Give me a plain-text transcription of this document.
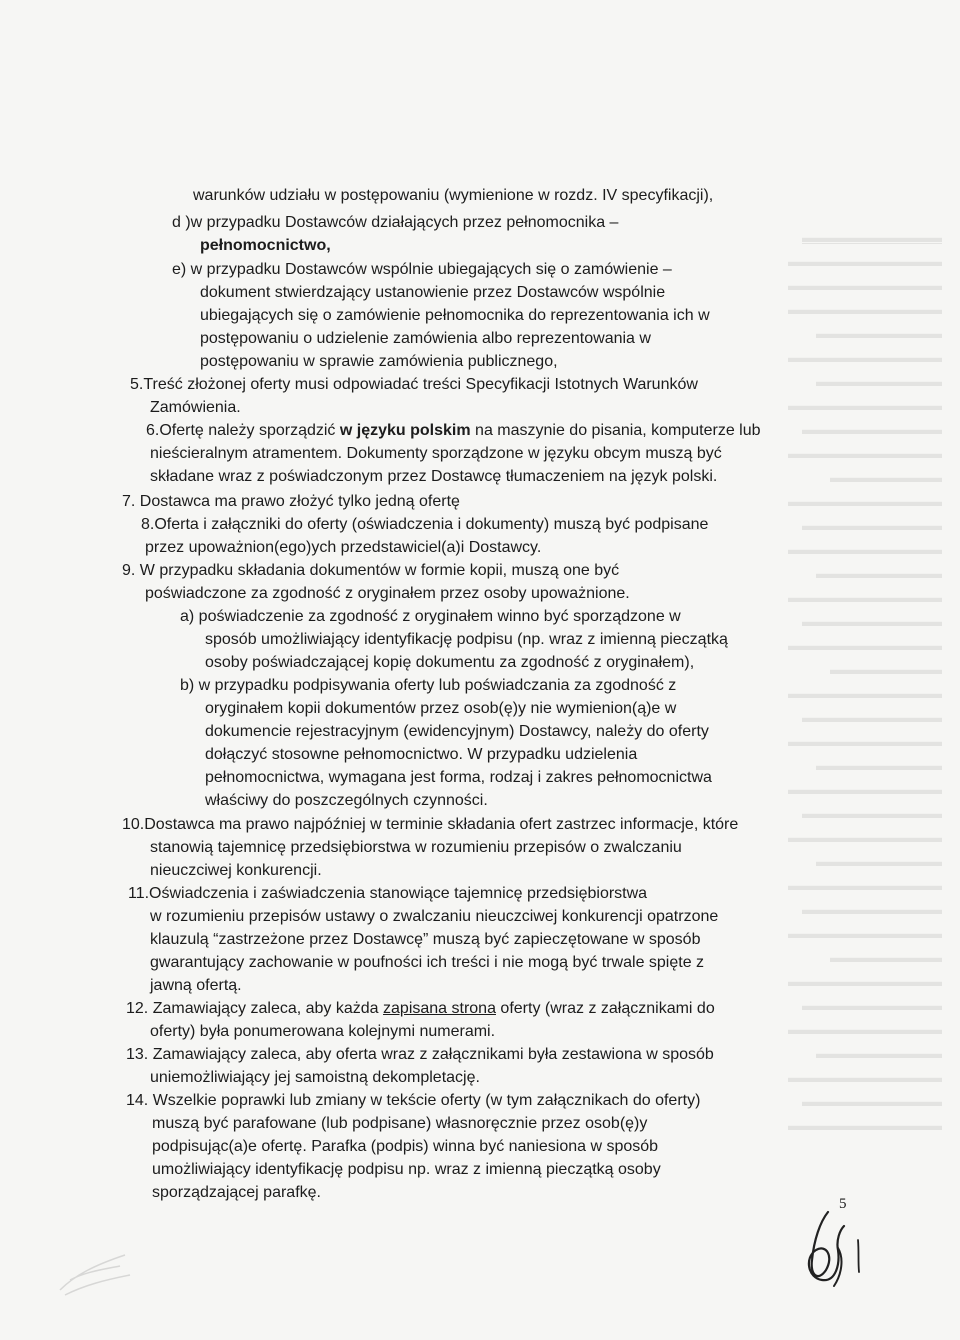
▬▬▬▬▬▬▬▬▬▬
▬▬▬▬▬▬▬▬▬▬▬
▬▬▬▬▬▬▬▬▬▬▬
▬▬▬▬▬▬▬▬▬▬▬
▬▬▬▬▬▬▬▬▬
▬▬▬▬▬▬▬▬▬▬▬
▬▬▬▬▬▬▬▬▬
▬▬▬▬▬▬▬▬▬▬▬
▬▬▬▬▬▬▬▬▬▬
▬▬▬▬▬▬▬▬▬▬▬
▬▬▬▬▬▬▬▬
▬▬▬▬▬▬▬▬▬▬▬
▬▬▬▬▬▬▬▬▬▬
▬▬▬▬▬▬▬▬▬▬▬
▬▬▬▬▬▬▬▬▬
▬▬▬▬▬▬▬▬▬▬▬
▬▬▬▬▬▬▬▬▬▬
▬▬▬▬▬▬▬▬▬▬▬
▬▬▬▬▬▬▬▬
▬▬▬▬▬▬▬▬▬▬▬
▬▬▬▬▬▬▬▬▬▬
▬▬▬▬▬▬▬▬▬▬▬
▬▬▬▬▬▬▬▬▬
▬▬▬▬▬▬▬▬▬▬▬
▬▬▬▬▬▬▬▬▬▬
▬▬▬▬▬▬▬▬▬▬▬
▬▬▬▬▬▬▬▬▬
▬▬▬▬▬▬▬▬▬▬▬
▬▬▬▬▬▬▬▬▬▬
▬▬▬▬▬▬▬▬▬▬▬
▬▬▬▬▬▬▬▬
▬▬▬▬▬▬▬▬▬▬▬
▬▬▬▬▬▬▬▬▬▬
▬▬▬▬▬▬▬▬▬▬▬
▬▬▬▬▬▬▬▬▬
▬▬▬▬▬▬▬▬▬▬▬
▬▬▬▬▬▬▬▬▬▬
▬▬▬▬▬▬▬▬▬▬▬
warunków udziału w postępowaniu (wymienione w rozdz. IV specyfikacji),
d )w przypadku Dostawców działających przez pełnomocnika –
pełnomocnictwo,
e) w przypadku Dostawców wspólnie ubiegających się o zamówienie –
dokument stwierdzający ustanowienie przez Dostawców wspólnie
ubiegających się o zamówienie pełnomocnika do reprezentowania ich w
postępowaniu o udzielenie zamówienia albo reprezentowania w
postępowaniu w sprawie zamówienia publicznego,
5.Treść złożonej oferty musi odpowiadać treści Specyfikacji Istotnych Warunków
Zamówienia.
6.Ofertę należy sporządzić w języku polskim na maszynie do pisania, komputerze lub
nieścieralnym atramentem. Dokumenty sporządzone w języku obcym muszą być
składane wraz z poświadczonym przez Dostawcę tłumaczeniem na język polski.
7. Dostawca ma prawo złożyć tylko jedną ofertę
8.Oferta i załączniki do oferty (oświadczenia i dokumenty) muszą być podpisane
przez upoważnion(ego)ych przedstawiciel(a)i Dostawcy.
9. W przypadku składania dokumentów w formie kopii, muszą one być
poświadczone za zgodność z oryginałem przez osoby upoważnione.
a) poświadczenie za zgodność z oryginałem winno być sporządzone w
sposób umożliwiający identyfikację podpisu (np. wraz z imienną pieczątką
osoby poświadczającej kopię dokumentu za zgodność z oryginałem),
b) w przypadku podpisywania oferty lub poświadczania za zgodność z
oryginałem kopii dokumentów przez osob(ę)y nie wymienion(ą)e w
dokumencie rejestracyjnym (ewidencyjnym) Dostawcy, należy do oferty
dołączyć stosowne pełnomocnictwo. W przypadku udzielenia
pełnomocnictwa, wymagana jest forma, rodzaj i zakres pełnomocnictwa
właściwy do poszczególnych czynności.
10.Dostawca ma prawo najpóźniej w terminie składania ofert zastrzec informacje, które
stanowią tajemnicę przedsiębiorstwa w rozumieniu przepisów o zwalczaniu
nieuczciwej konkurencji.
11.Oświadczenia i zaświadczenia stanowiące tajemnicę przedsiębiorstwa
w rozumieniu przepisów ustawy o zwalczaniu nieuczciwej konkurencji opatrzone
klauzulą “zastrzeżone przez Dostawcę” muszą być zapieczętowane w sposób
gwarantujący zachowanie w poufności ich treści i nie mogą być trwale spięte z
jawną ofertą.
12. Zamawiający zaleca, aby każda zapisana strona oferty (wraz z załącznikami do
oferty) była ponumerowana kolejnymi numerami.
13. Zamawiający zaleca, aby oferta wraz z załącznikami była zestawiona w sposób
uniemożliwiający jej samoistną dekompletację.
14. Wszelkie poprawki lub zmiany w tekście oferty (w tym załącznikach do oferty)
muszą być parafowane (lub podpisane) własnoręcznie przez osob(ę)y
podpisując(a)e ofertę. Parafka (podpis) winna być naniesiona w sposób
umożliwiający identyfikację podpisu np. wraz z imienną pieczątką osoby
sporządzającej parafkę.
5
